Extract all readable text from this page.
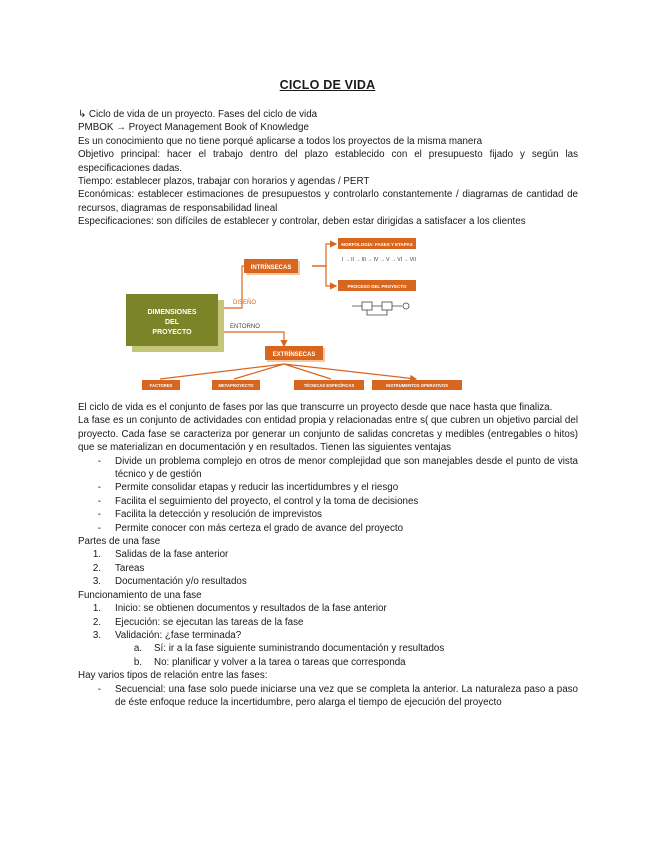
CICLO DE VIDA

↳ Ciclo de vida de un proyecto. Fases del ciclo de vida

PMBOK → Proyect Management Book of Knowledge

Es un conocimiento que no tiene porqué aplicarse a todos los proyectos de la misma manera

Objetivo principal: hacer el trabajo dentro del plazo establecido con el presupuesto fijado y según las especificaciones dadas.

Tiempo: establecer plazos, trabajar con horarios y agendas / PERT

Económicas: establecer estimaciones de presupuestos y controlarlo constantemente / diagramas de cantidad de recursos, diagramas de responsabilidad lineal

Especificaciones: son difíciles de establecer y controlar, deben estar dirigidas a satisfacer a los clientes

DIMENSIONES
DEL
PROYECTO
DISEÑO
ENTORNO
INTRÍNSECAS
MORFOLOGÍA: FASES Y ETAPAS
I → II → III → IV → V → VI → VII
PROCESO DEL PROYECTO
EXTRÍNSECAS
FACTORES	METAPROYECTO	TÉCNICAS ESPECÍFICAS	INSTRUMENTOS OPERATIVOS

El ciclo de vida es el conjunto de fases por las que transcurre un proyecto desde que nace hasta que finaliza.

La fase es un conjunto de actividades con entidad propia y relacionadas entre s( que cubren un objetivo parcial del proyecto. Cada fase se caracteriza por generar un conjunto de salidas concretas y medibles (entregables o hitos) que se materializan en documentación y en resultados. Tienen las siguientes ventajas

-	Divide un problema complejo en otros de menor complejidad que son manejables desde el punto de vista técnico y de gestión
-	Permite consolidar etapas y reducir las incertidumbres y el riesgo
-	Facilita el seguimiento del proyecto, el control y la toma de decisiones
-	Facilita la detección y resolución de imprevistos
-	Permite conocer con más certeza el grado de avance del proyecto

Partes de una fase

1.	Salidas de la fase anterior
2.	Tareas
3.	Documentación y/o resultados

Funcionamiento de una fase

1.	Inicio: se obtienen documentos y resultados de la fase anterior
2.	Ejecución: se ejecutan las tareas de la fase
3.	Validación: ¿fase terminada?
a.	Sí: ir a la fase siguiente suministrando documentación y resultados
b.	No: planificar y volver a la tarea o tareas que corresponda

Hay varios tipos de relación entre las fases:

-	Secuencial: una fase solo puede iniciarse una vez que se completa la anterior. La naturaleza paso a paso de éste enfoque reduce la incertidumbre, pero alarga el tiempo de ejecución del proyecto
